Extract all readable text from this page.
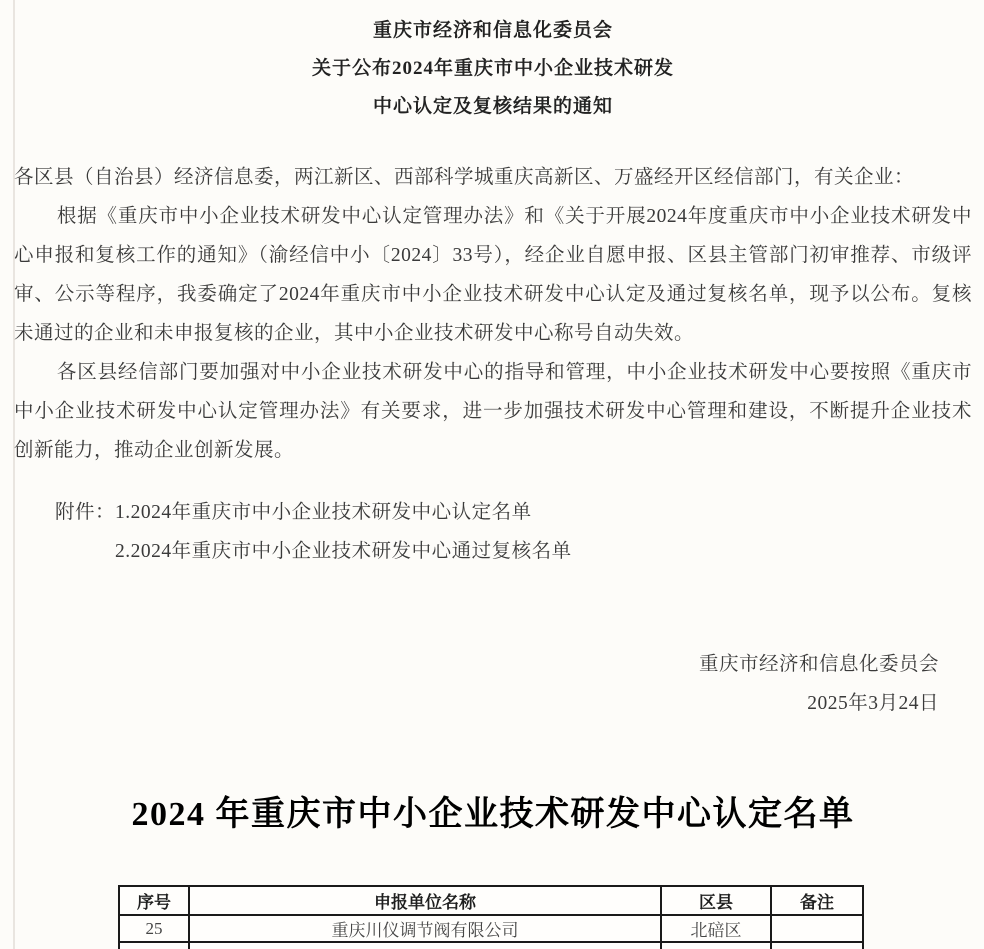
重庆市经济和信息化委员会
关于公布2024年重庆市中小企业技术研发
中心认定及复核结果的通知
各区县（自治县）经济信息委，两江新区、西部科学城重庆高新区、万盛经开区经信部门，有关企业：
根据《重庆市中小企业技术研发中心认定管理办法》和《关于开展2024年度重庆市中小企业技术研发中心申报和复核工作的通知》（渝经信中小〔2024〕33号），经企业自愿申报、区县主管部门初审推荐、市级评审、公示等程序，我委确定了2024年重庆市中小企业技术研发中心认定及通过复核名单，现予以公布。复核未通过的企业和未申报复核的企业，其中小企业技术研发中心称号自动失效。
各区县经信部门要加强对中小企业技术研发中心的指导和管理，中小企业技术研发中心要按照《重庆市中小企业技术研发中心认定管理办法》有关要求，进一步加强技术研发中心管理和建设，不断提升企业技术创新能力，推动企业创新发展。
附件： 1.2024年重庆市中小企业技术研发中心认定名单
2.2024年重庆市中小企业技术研发中心通过复核名单
重庆市经济和信息化委员会
2025年3月24日
2024 年重庆市中小企业技术研发中心认定名单
序号	申报单位名称	区县	备注
25	重庆川仪调节阀有限公司	北碚区	
